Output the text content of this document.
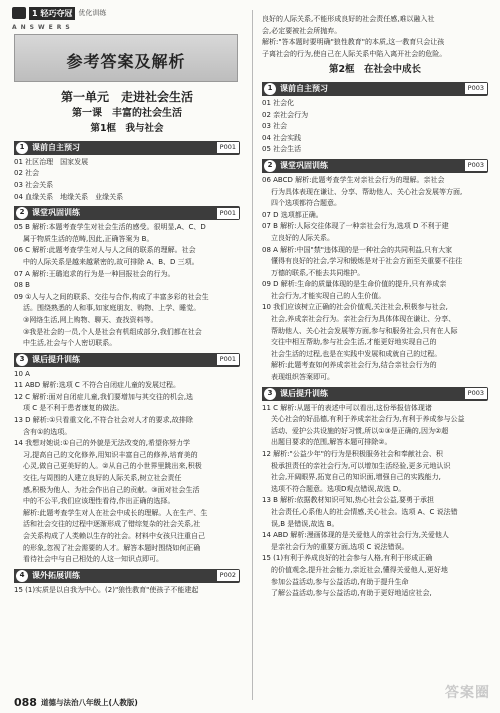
1 轻巧夺冠 优化训练
ANSWERS
参考答案及解析
第一单元　走进社会生活
第一课　丰富的社会生活
第1框　我与社会
1 课前自主预习	P001

01 社区治理　国家发展

02 社会

03 社会关系

04 血缘关系　地缘关系　业缘关系

2 课堂巩固训练	P001

05 B 解析:本题考查学生对社会生活的感受。很明显,A、C、D

属于物质生活的范畴,因此,正确答案为 B。

06 C 解析:此题考查学生对人与人之间的联系的理解。社会

中的人际关系是越来越紧密的,故可排除 A、B、D 三项。

07 A 解析:王璐追求的行为是一种回报社会的行为。

08 B

09 ①人与人之间的联系、交往与合作,构成了丰富多彩的社会生

活。围绕熟悉的人和事,如家庭朋友、购物、上学、睡觉。

③网络生活,网上购物、聊天、查找资料等。

③我是社会的一员,个人是社会有机组成部分,我们都在社会

中生活,社会与个人密切联系。

3 课后提升训练	P001

10 A

11 ABD 解析:选项 C 不符合自闭症儿童的发展过程。

12 C 解析:面对自闭症儿童,我们要增加与其交往的机会,选

项 C 是不利于患者康复的做法。

13 D 解析:①只看重文化,不符合社会对人才的要求,故排除

含有①的选项。

14 我想对她说:①自己的外貌是无法改变的,希望你努力学

习,提高自己的文化修养,用知识丰富自己的修养,培育美的

心灵,做自己更美好的人。②从自己的小世界里跳出来,积极

交往,与周围的人建立良好的人际关系,树立社会责任

感,积极为他人、为社会作出自己的贡献。③面对社会生活

中的不公平,我们应该理性看待,作出正确的选择。

解析:此题考查学生对人在社会中成长的理解。人在生产、生

活和社会交往的过程中逐渐形成了错综复杂的社会关系,社

会关系构成了人类赖以生存的社会。材料中女孩只注重自己

的形象,忽视了社会需要的人才。解答本题时围绕如何正确

看待社会中与自己相处的人这一知识点即可。

4 课外拓展训练	P002

15 (1)实质是以自我为中心。(2)"狼性教育"使孩子不能建起

良好的人际关系,不能形成良好的社会责任感,难以融入社

会,必定要被社会所抛弃。

解析:"答本题时要明确"狼性教育"的本质,这一教育只会让孩

子离社会的行为,使自己在人际关系中陷入离开社会的危险。

第2框　在社会中成长
1 课前自主预习	P003

01 社会化

02 亲社会行为

03 社会

04 社会实践

05 社会生活

2 课堂巩固训练	P003

06 ABCD 解析:此题考查学生对亲社会行为的理解。亲社会

行为具体表现在谦让、分享、帮助他人、关心社会发展等方面,

四个选项都符合题意。

07 D 选项都正确。

07 B 解析:人际交往体现了一种亲社会行为,选项 D 不利于建

立良好的人际关系。

08 A 解析:中国"禁"违体现的是一种社会的共同利益,只有大家

懂得有良好的社会,学习和锻炼是对于社会方面至关重要不往往

万德的联系,不能去共同维护。

09 D 解析:生命的质量体现的是生命价值的提升,只有养成亲

社会行为,才能实现自己的人生价值。

10 我们应该树立正确的社会价值观,关注社会,积极参与社会,

社会,养成亲社会行为。亲社会行为具体体现在谦让、分享、

帮助他人、关心社会发展等方面,参与和服务社会,只有在人际

交往中相互帮助,参与社会生活,才能更好地实现自己的

社会生活的过程,也是在实践中发展和成就自己的过程。

解析:此题考查如何养成亲社会行为,结合亲社会行为的

表现组织答案即可。

3 课后提升训练	P003

11 C 解析:从题干的表述中可以看出,这份举报信体现诸

关心社会的好品德,有利于养成亲社会行为,有利于养成参与公益

活动、爱护公共设施的好习惯,所以①③是正确的,因为②超

出题目要求的范围,解答本题可排除②。

12 解析:"公益少年"的行为是积极服务社会和奉献社会、积

极承担责任的亲社会行为,可以增加生活经验,更多元地认识

社会,开阔眼界,拓宽自己的知识面,增强自己的实践能力,

选项不符合题意。选项D观点错误,故选 D。

13 B 解析:依据教材知识可知,热心社会公益,要勇于承担

社会责任,心系他人的社会情感,关心社会。选项 A、C 说法错

误,B 是错误,故选 B。

14 ABD 解析:漫画体现的是关爱他人的亲社会行为,关爱他人

是亲社会行为的重要方面,选项 C 说法错误。

15 (1)有利于养成良好的社会参与人格,有利于形成正确

的价值观念,提升社会能力,亲近社会,懂得关爱他人,更好地

参加公益活动,参与公益活动,有助于提升生命

了解公益活动,参与公益活动,有助于更好地适应社会,

088 道德与法治八年级上(人教版)
答案圈
